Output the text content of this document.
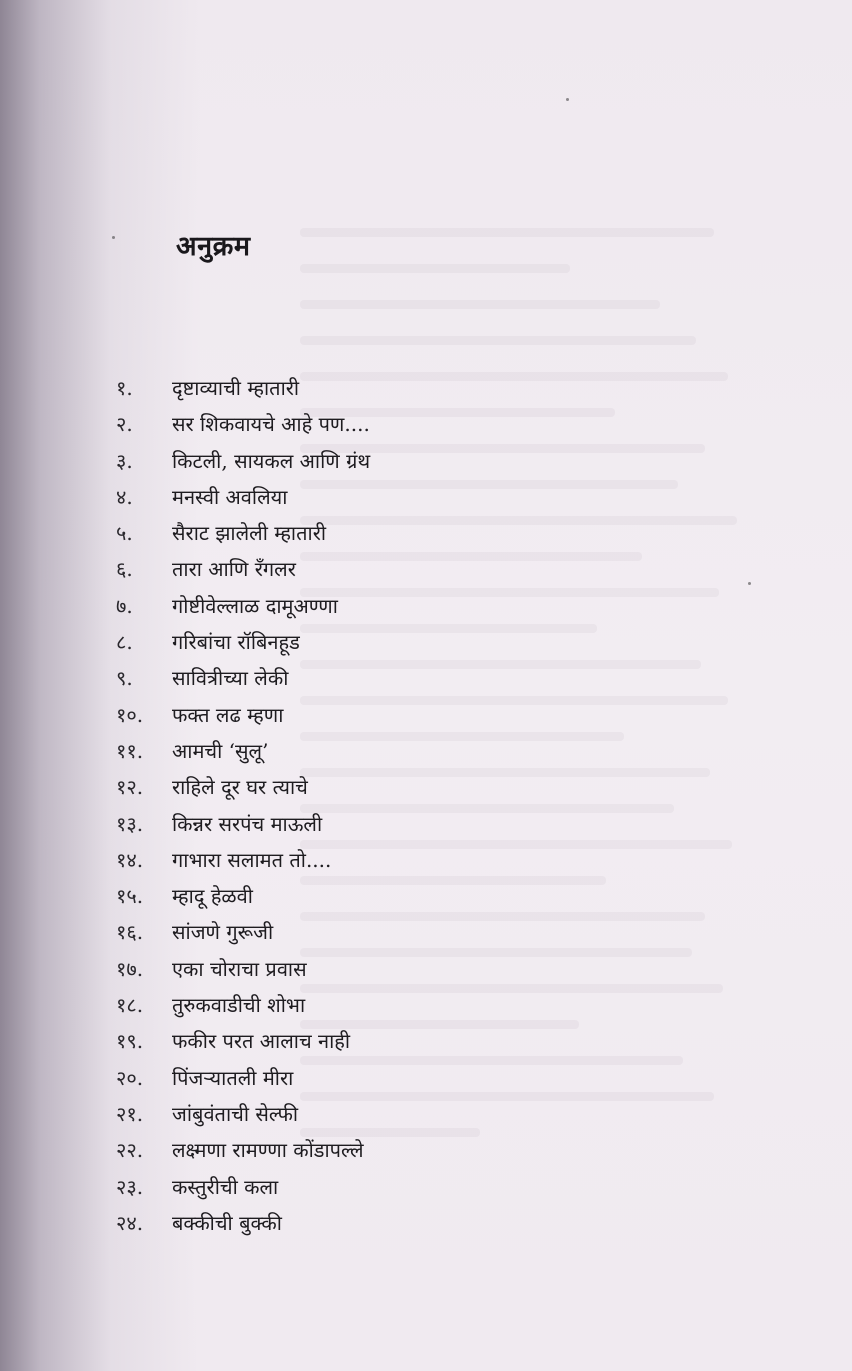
अनुक्रम
१.	दृष्टाव्याची म्हातारी
२.	सर शिकवायचे आहे पण....
३.	किटली, सायकल आणि ग्रंथ
४.	मनस्वी अवलिया
५.	सैराट झालेली म्हातारी
६.	तारा आणि रँगलर
७.	गोष्टीवेल्लाळ दामूअण्णा
८.	गरिबांचा रॉबिनहूड
९.	सावित्रीच्या लेकी
१०.	फक्त लढ म्हणा
११.	आमची ‘सुलू’
१२.	राहिले दूर घर त्याचे
१३.	किन्नर सरपंच माऊली
१४.	गाभारा सलामत तो....
१५.	म्हादू हेळवी
१६.	सांजणे गुरूजी
१७.	एका चोराचा प्रवास
१८.	तुरुकवाडीची शोभा
१९.	फकीर परत आलाच नाही
२०.	पिंजऱ्यातली मीरा
२१.	जांबुवंताची सेल्फी
२२.	लक्ष्मणा रामण्णा कोंडापल्ले
२३.	कस्तुरीची कला
२४.	बक्कीची बुक्की
